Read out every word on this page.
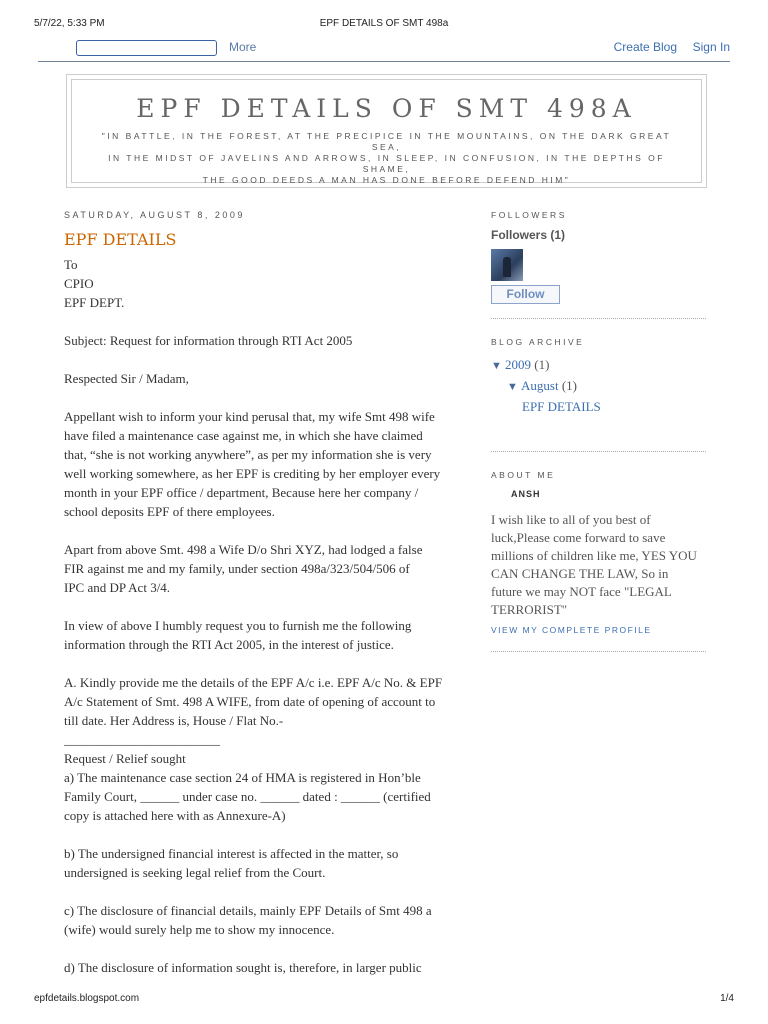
5/7/22, 5:33 PM	EPF DETAILS OF SMT 498a
More	Create Blog Sign In
EPF DETAILS OF SMT 498A
"IN BATTLE, IN THE FOREST, AT THE PRECIPICE IN THE MOUNTAINS, ON THE DARK GREAT SEA,
IN THE MIDST OF JAVELINS AND ARROWS, IN SLEEP, IN CONFUSION, IN THE DEPTHS OF SHAME,
THE GOOD DEEDS A MAN HAS DONE BEFORE DEFEND HIM"
SATURDAY, AUGUST 8, 2009
EPF DETAILS
To
CPIO
EPF DEPT.
Subject: Request for information through RTI Act 2005
Respected Sir / Madam,
Appellant wish to inform your kind perusal that, my wife Smt 498 wife
have filed a maintenance case against me, in which she have claimed
that, “she is not working anywhere”, as per my information she is very
well working somewhere, as her EPF is crediting by her employer every
month in your EPF office / department, Because here her company /
school deposits EPF of there employees.
Apart from above Smt. 498 a Wife D/o Shri XYZ, had lodged a false
FIR against me and my family, under section 498a/323/504/506 of
IPC and DP Act 3/4.
In view of above I humbly request you to furnish me the following
information through the RTI Act 2005, in the interest of justice.
A. Kindly provide me the details of the EPF A/c i.e. EPF A/c No. & EPF
A/c Statement of Smt. 498 A WIFE, from date of opening of account to
till date. Her Address is, House / Flat No.-
________________________
Request / Relief sought
a) The maintenance case section 24 of HMA is registered in Hon’ble
Family Court, ______ under case no. ______ dated : ______ (certified
copy is attached here with as Annexure-A)
b) The undersigned financial interest is affected in the matter, so
undersigned is seeking legal relief from the Court.
c) The disclosure of financial details, mainly EPF Details of Smt 498 a
(wife) would surely help me to show my innocence.
d) The disclosure of information sought is, therefore, in larger public
FOLLOWERS
Followers (1)
Follow
BLOG ARCHIVE
▼ 2009 (1)
▼ August (1)
EPF DETAILS
ABOUT ME
ANSH
I wish like to all of you best of
luck,Please come forward to save
millions of children like me, YES YOU
CAN CHANGE THE LAW, So in
future we may NOT face "LEGAL
TERRORIST"
VIEW MY COMPLETE PROFILE
epfdetails.blogspot.com	1/4
